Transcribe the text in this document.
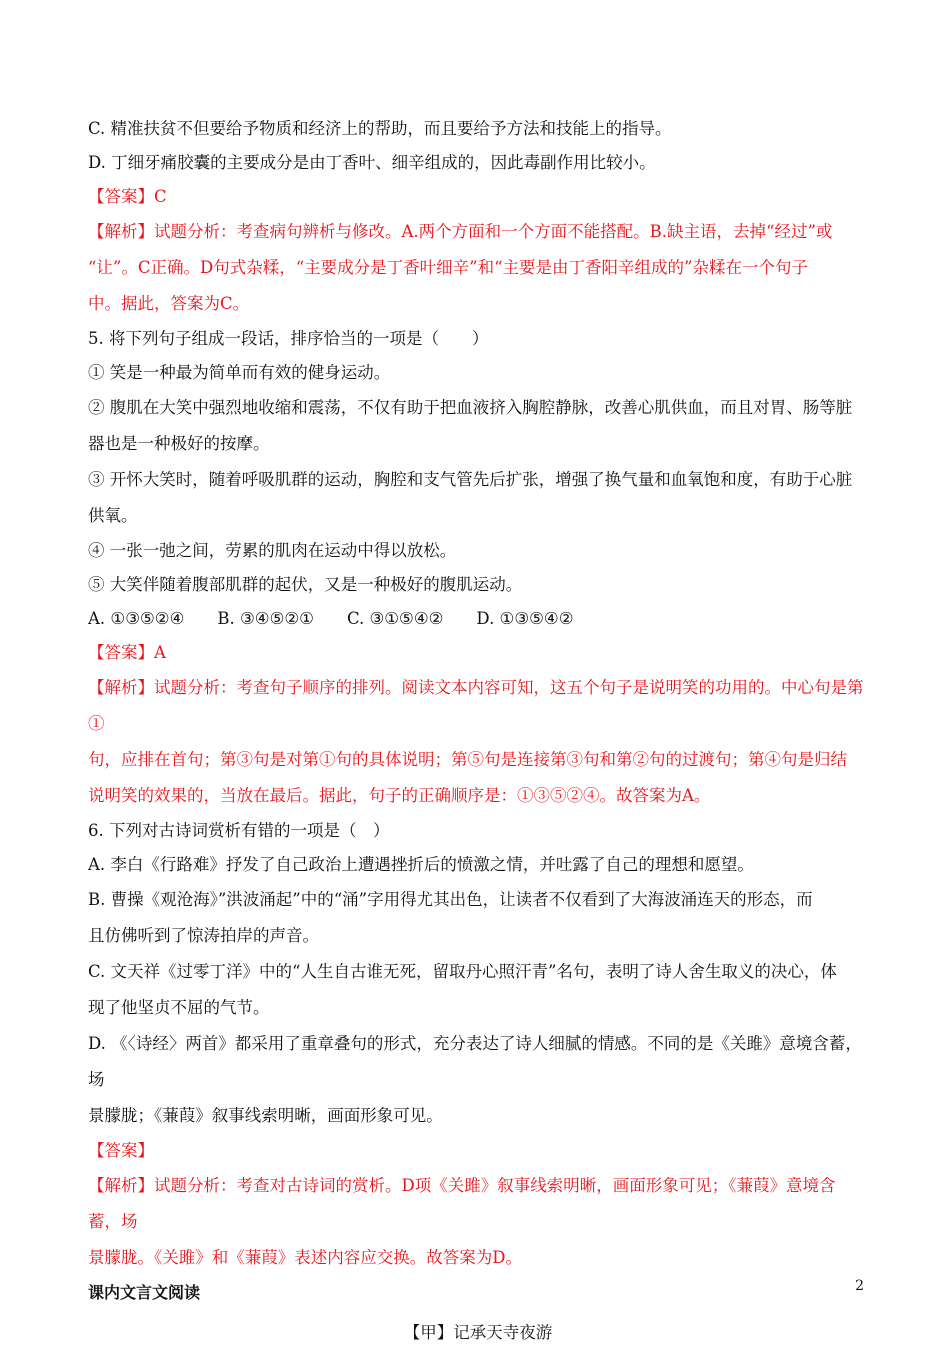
C. 精准扶贫不但要给予物质和经济上的帮助，而且要给予方法和技能上的指导。
D. 丁细牙痛胶囊的主要成分是由丁香叶、细辛组成的，因此毒副作用比较小。
【答案】C
【解析】试题分析：考查病句辨析与修改。A.两个方面和一个方面不能搭配。B.缺主语，去掉“经过”或
“让”。C正确。D句式杂糅，“主要成分是丁香叶细辛”和“主要是由丁香阳辛组成的”杂糅在一个句子
中。据此，答案为C。
5. 将下列句子组成一段话，排序恰当的一项是（　　）
① 笑是一种最为简单而有效的健身运动。
② 腹肌在大笑中强烈地收缩和震荡，不仅有助于把血液挤入胸腔静脉，改善心肌供血，而且对胃、肠等脏
器也是一种极好的按摩。
③ 开怀大笑时，随着呼吸肌群的运动，胸腔和支气管先后扩张，增强了换气量和血氧饱和度，有助于心脏
供氧。
④ 一张一弛之间，劳累的肌肉在运动中得以放松。
⑤ 大笑伴随着腹部肌群的起伏，又是一种极好的腹肌运动。
A. ①③⑤②④　　B. ③④⑤②①　　C. ③①⑤④②　　D. ①③⑤④②
【答案】A
【解析】试题分析：考查句子顺序的排列。阅读文本内容可知，这五个句子是说明笑的功用的。中心句是第①
句，应排在首句；第③句是对第①句的具体说明；第⑤句是连接第③句和第②句的过渡句；第④句是归结
说明笑的效果的，当放在最后。据此，句子的正确顺序是：①③⑤②④。故答案为A。
6. 下列对古诗词赏析有错的一项是（　）
A. 李白《行路难》抒发了自己政治上遭遇挫折后的愤激之情，并吐露了自己的理想和愿望。
B. 曹操《观沧海》”洪波涌起”中的“涌”字用得尤其出色，让读者不仅看到了大海波涌连天的形态，而
且仿佛听到了惊涛拍岸的声音。
C. 文天祥《过零丁洋》中的“人生自古谁无死，留取丹心照汗青”名句，表明了诗人舍生取义的决心，体
现了他坚贞不屈的气节。
D. 《〈诗经〉两首》都采用了重章叠句的形式，充分表达了诗人细腻的情感。不同的是《关雎》意境含蓄，场
景朦胧；《蒹葭》叙事线索明晰，画面形象可见。
【答案】
【解析】试题分析：考查对古诗词的赏析。D项《关雎》叙事线索明晰，画面形象可见；《蒹葭》意境含蓄，场
景朦胧。《关雎》和《蒹葭》表述内容应交换。故答案为D。
课内文言文阅读
【甲】记承天寺夜游
2
